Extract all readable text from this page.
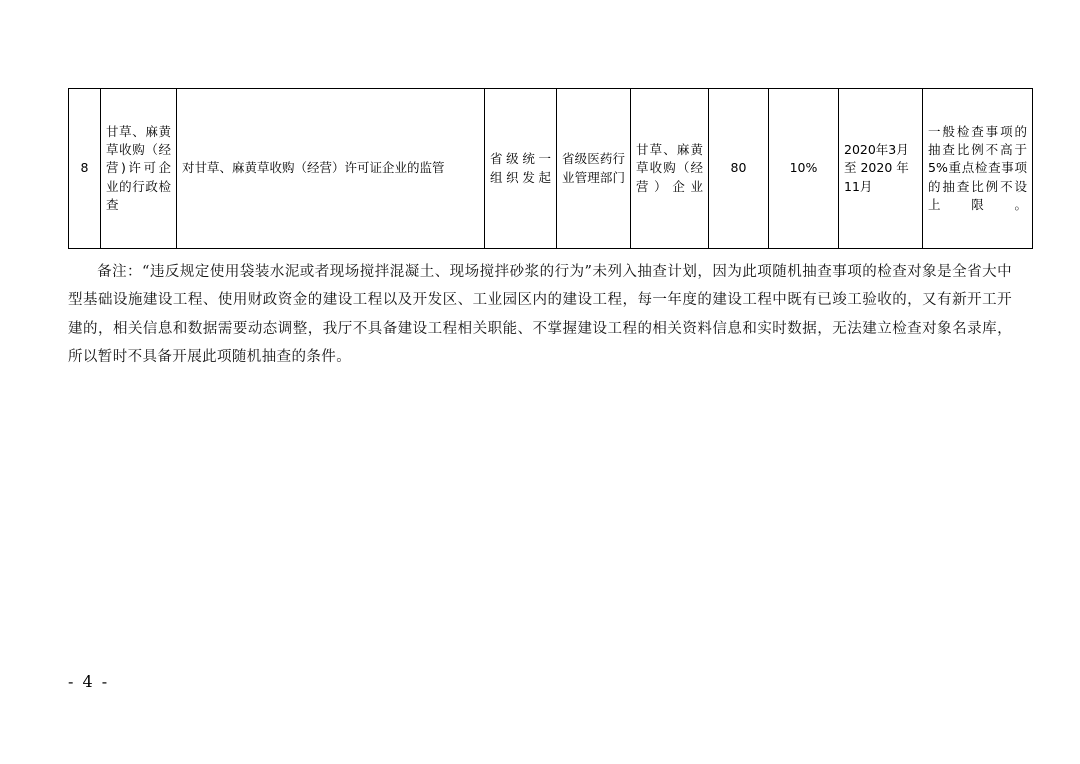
8	甘草、麻黄草收购（经营)许可企业的行政检查	对甘草、麻黄草收购（经营）许可证企业的监管	省级统一组织发起	省级医药行业管理部门	甘草、麻黄草收购（经营）企业	80	10%	2020年3月至 2020 年11月	一般检查事项的抽查比例不高于5%重点检查事项的抽查比例不设上限。
备注：“违反规定使用袋装水泥或者现场搅拌混凝土、现场搅拌砂浆的行为”未列入抽查计划，因为此项随机抽查事项的检查对象是全省大中型基础设施建设工程、使用财政资金的建设工程以及开发区、工业园区内的建设工程，每一年度的建设工程中既有已竣工验收的，又有新开工开建的，相关信息和数据需要动态调整，我厅不具备建设工程相关职能、不掌握建设工程的相关资料信息和实时数据，无法建立检查对象名录库，所以暂时不具备开展此项随机抽查的条件。
- 4 -
